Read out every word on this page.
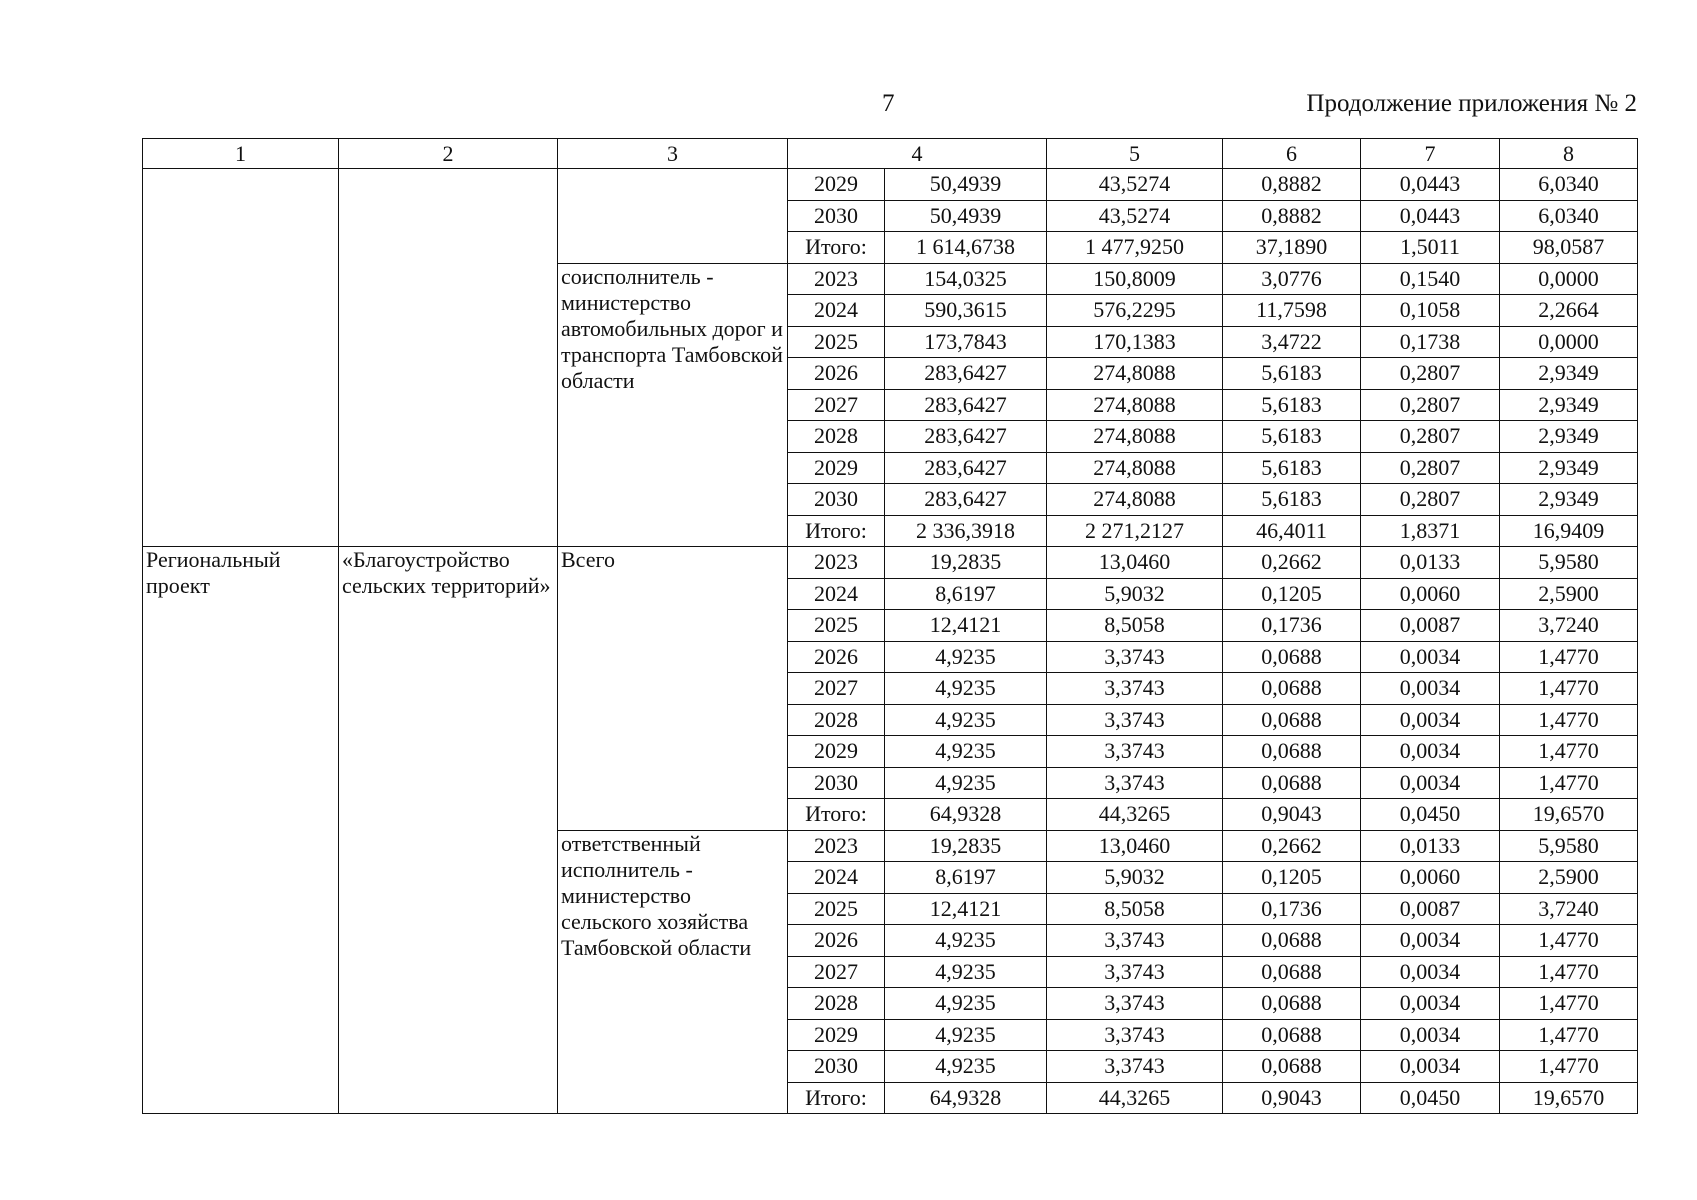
7	Продолжение приложения № 2
1	2	3	4		5	6	7	8
			2029	50,4939	43,5274	0,8882	0,0443	6,0340
			2030	50,4939	43,5274	0,8882	0,0443	6,0340
			Итого:	1 614,6738	1 477,9250	37,1890	1,5011	98,0587
		соисполнитель - министерство автомобильных дорог и транспорта Тамбовской области	2023	154,0325	150,8009	3,0776	0,1540	0,0000
			2024	590,3615	576,2295	11,7598	0,1058	2,2664
			2025	173,7843	170,1383	3,4722	0,1738	0,0000
			2026	283,6427	274,8088	5,6183	0,2807	2,9349
			2027	283,6427	274,8088	5,6183	0,2807	2,9349
			2028	283,6427	274,8088	5,6183	0,2807	2,9349
			2029	283,6427	274,8088	5,6183	0,2807	2,9349
			2030	283,6427	274,8088	5,6183	0,2807	2,9349
			Итого:	2 336,3918	2 271,2127	46,4011	1,8371	16,9409
Региональный проект	«Благоустройство сельских территорий»	Всего	2023	19,2835	13,0460	0,2662	0,0133	5,9580
			2024	8,6197	5,9032	0,1205	0,0060	2,5900
			2025	12,4121	8,5058	0,1736	0,0087	3,7240
			2026	4,9235	3,3743	0,0688	0,0034	1,4770
			2027	4,9235	3,3743	0,0688	0,0034	1,4770
			2028	4,9235	3,3743	0,0688	0,0034	1,4770
			2029	4,9235	3,3743	0,0688	0,0034	1,4770
			2030	4,9235	3,3743	0,0688	0,0034	1,4770
			Итого:	64,9328	44,3265	0,9043	0,0450	19,6570
		ответственный исполнитель - министерство сельского хозяйства Тамбовской области	2023	19,2835	13,0460	0,2662	0,0133	5,9580
			2024	8,6197	5,9032	0,1205	0,0060	2,5900
			2025	12,4121	8,5058	0,1736	0,0087	3,7240
			2026	4,9235	3,3743	0,0688	0,0034	1,4770
			2027	4,9235	3,3743	0,0688	0,0034	1,4770
			2028	4,9235	3,3743	0,0688	0,0034	1,4770
			2029	4,9235	3,3743	0,0688	0,0034	1,4770
			2030	4,9235	3,3743	0,0688	0,0034	1,4770
			Итого:	64,9328	44,3265	0,9043	0,0450	19,6570
